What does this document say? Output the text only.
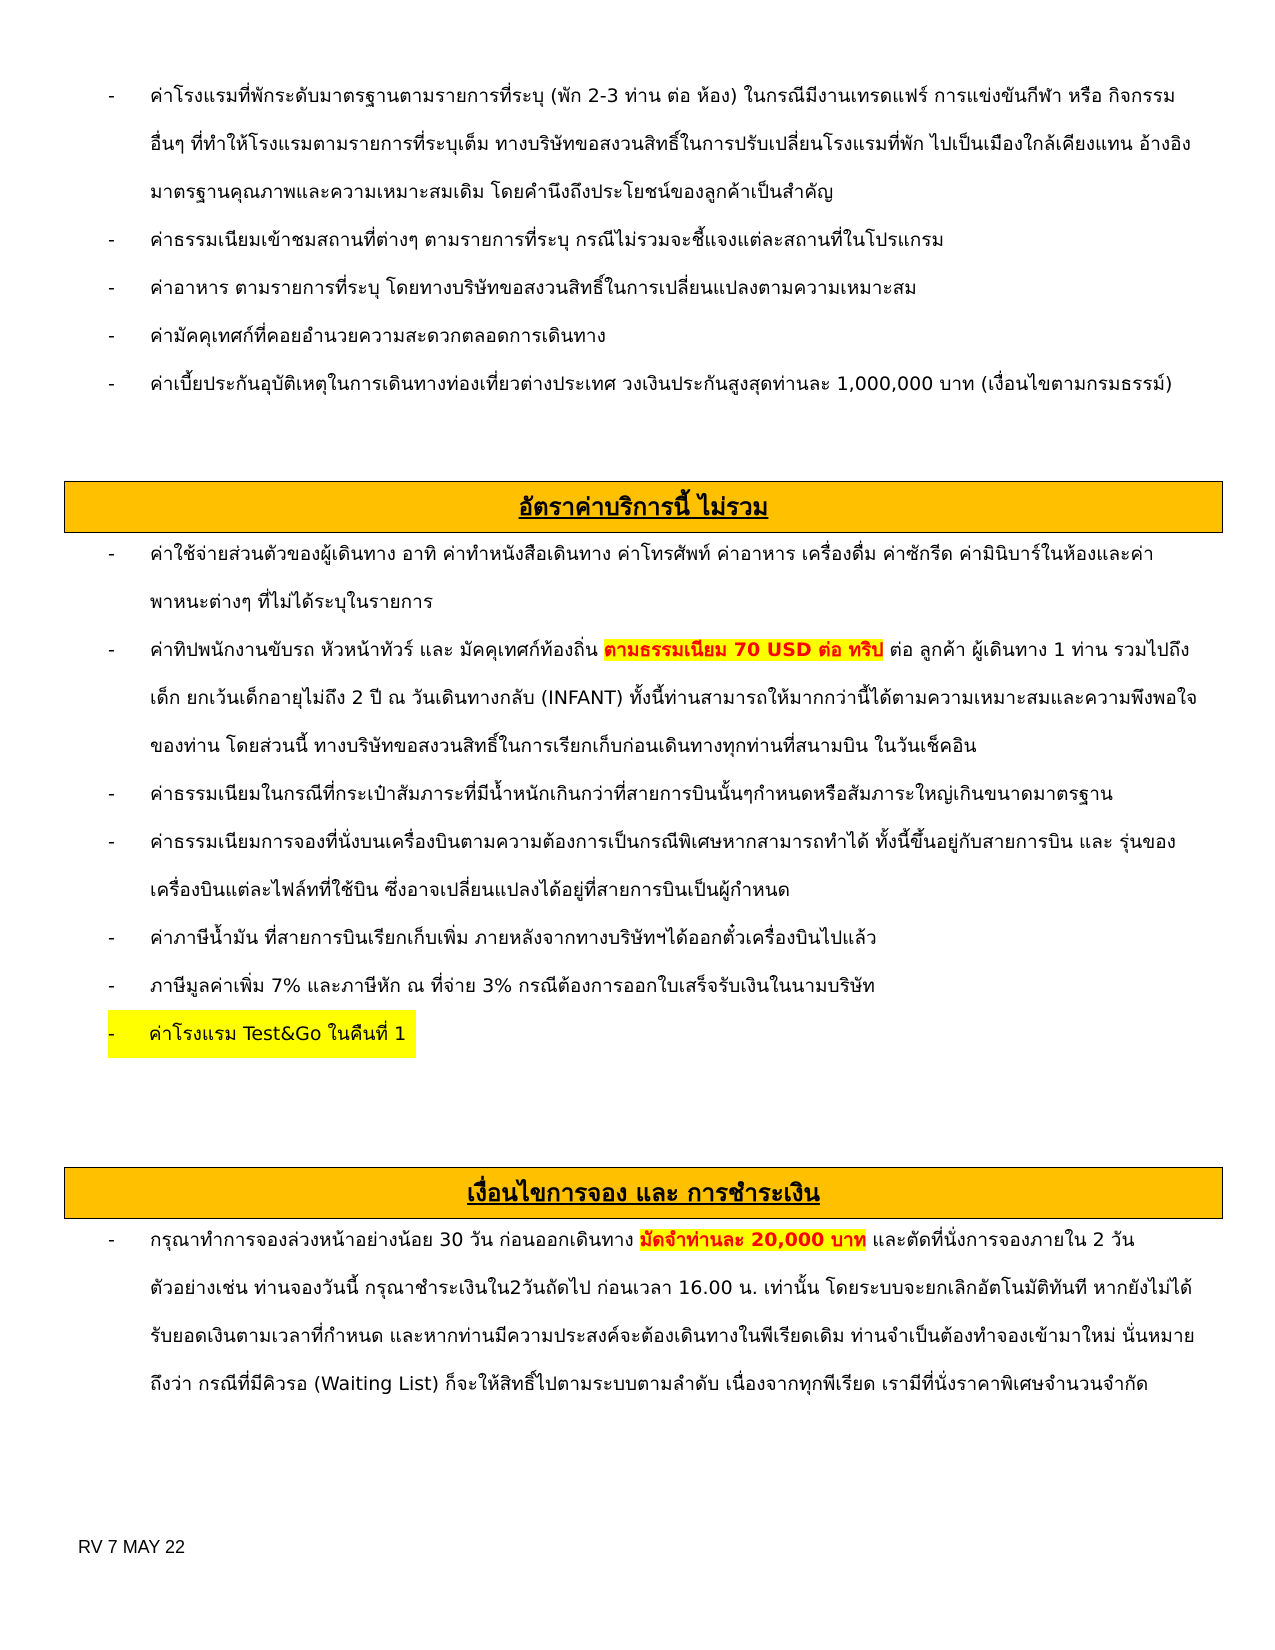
- ค่าโรงแรมที่พักระดับมาตรฐานตามรายการที่ระบุ (พัก 2-3 ท่าน ต่อ ห้อง) ในกรณีมีงานเทรดแฟร์ การแข่งขันกีฬา หรือ กิจกรรมอื่นๆ ที่ทำให้โรงแรมตามรายการที่ระบุเต็ม ทางบริษัทขอสงวนสิทธิ์ในการปรับเปลี่ยนโรงแรมที่พัก ไปเป็นเมืองใกล้เคียงแทน อ้างอิงมาตรฐานคุณภาพและความเหมาะสมเดิม โดยคำนึงถึงประโยชน์ของลูกค้าเป็นสำคัญ
- ค่าธรรมเนียมเข้าชมสถานที่ต่างๆ ตามรายการที่ระบุ กรณีไม่รวมจะชี้แจงแต่ละสถานที่ในโปรแกรม
- ค่าอาหาร ตามรายการที่ระบุ โดยทางบริษัทขอสงวนสิทธิ์ในการเปลี่ยนแปลงตามความเหมาะสม
- ค่ามัคคุเทศก์ที่คอยอำนวยความสะดวกตลอดการเดินทาง
- ค่าเบี้ยประกันอุบัติเหตุในการเดินทางท่องเที่ยวต่างประเทศ วงเงินประกันสูงสุดท่านละ 1,000,000 บาท (เงื่อนไขตามกรมธรรม์)
อัตราค่าบริการนี้ ไม่รวม
- ค่าใช้จ่ายส่วนตัวของผู้เดินทาง อาทิ ค่าทำหนังสือเดินทาง ค่าโทรศัพท์ ค่าอาหาร เครื่องดื่ม ค่าซักรีด ค่ามินิบาร์ในห้องและค่าพาหนะต่างๆ ที่ไม่ได้ระบุในรายการ
- ค่าทิปพนักงานขับรถ หัวหน้าทัวร์ และ มัคคุเทศก์ท้องถิ่น ตามธรรมเนียม 70 USD ต่อ ทริป ต่อ ลูกค้า ผู้เดินทาง 1 ท่าน รวมไปถึงเด็ก ยกเว้นเด็กอายุไม่ถึง 2 ปี ณ วันเดินทางกลับ (INFANT) ทั้งนี้ท่านสามารถให้มากกว่านี้ได้ตามความเหมาะสมและความพึงพอใจของท่าน โดยส่วนนี้ ทางบริษัทขอสงวนสิทธิ์ในการเรียกเก็บก่อนเดินทางทุกท่านที่สนามบิน ในวันเช็คอิน
- ค่าธรรมเนียมในกรณีที่กระเป๋าสัมภาระที่มีน้ำหนักเกินกว่าที่สายการบินนั้นๆกำหนดหรือสัมภาระใหญ่เกินขนาดมาตรฐาน
- ค่าธรรมเนียมการจองที่นั่งบนเครื่องบินตามความต้องการเป็นกรณีพิเศษหากสามารถทำได้ ทั้งนี้ขึ้นอยู่กับสายการบิน และ รุ่นของเครื่องบินแต่ละไฟล์ทที่ใช้บิน ซึ่งอาจเปลี่ยนแปลงได้อยู่ที่สายการบินเป็นผู้กำหนด
- ค่าภาษีน้ำมัน ที่สายการบินเรียกเก็บเพิ่ม ภายหลังจากทางบริษัทฯได้ออกตั๋วเครื่องบินไปแล้ว
- ภาษีมูลค่าเพิ่ม 7% และภาษีหัก ณ ที่จ่าย 3% กรณีต้องการออกใบเสร็จรับเงินในนามบริษัท
- ค่าโรงแรม Test&Go ในคืนที่ 1
เงื่อนไขการจอง และ การชำระเงิน
- กรุณาทำการจองล่วงหน้าอย่างน้อย 30 วัน ก่อนออกเดินทาง มัดจำท่านละ 20,000 บาท และตัดที่นั่งการจองภายใน 2 วัน ตัวอย่างเช่น ท่านจองวันนี้ กรุณาชำระเงินใน2วันถัดไป ก่อนเวลา 16.00 น. เท่านั้น โดยระบบจะยกเลิกอัตโนมัติทันที หากยังไม่ได้รับยอดเงินตามเวลาที่กำหนด และหากท่านมีความประสงค์จะต้องเดินทางในพีเรียดเดิม ท่านจำเป็นต้องทำจองเข้ามาใหม่ นั่นหมายถึงว่า กรณีที่มีคิวรอ (Waiting List) ก็จะให้สิทธิ์ไปตามระบบตามลำดับ เนื่องจากทุกพีเรียด เรามีที่นั่งราคาพิเศษจำนวนจำกัด
RV 7 MAY 22
